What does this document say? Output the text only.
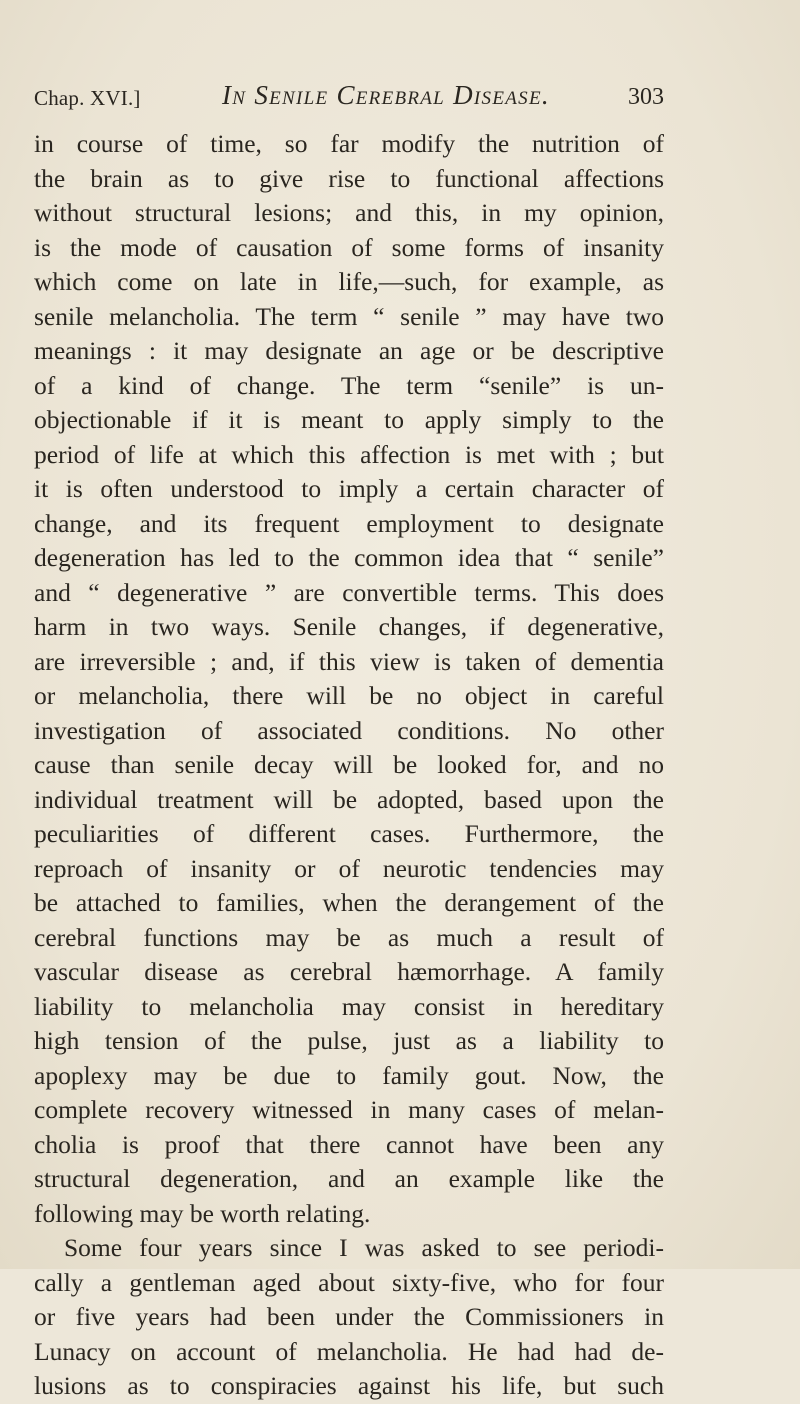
Chap. XVI.]	In Senile Cerebral Disease.	303
in course of time, so far modify the nutrition of
the brain as to give rise to functional affections
without structural lesions; and this, in my opinion,
is the mode of causation of some forms of insanity
which come on late in life,—such, for example, as
senile melancholia. The term “ senile ” may have two
meanings : it may designate an age or be descriptive
of a kind of change. The term “senile” is un-
objectionable if it is meant to apply simply to the
period of life at which this affection is met with ; but
it is often understood to imply a certain character of
change, and its frequent employment to designate
degeneration has led to the common idea that “ senile”
and “ degenerative ” are convertible terms. This does
harm in two ways. Senile changes, if degenerative,
are irreversible ; and, if this view is taken of dementia
or melancholia, there will be no object in careful
investigation of associated conditions. No other
cause than senile decay will be looked for, and no
individual treatment will be adopted, based upon the
peculiarities of different cases. Furthermore, the
reproach of insanity or of neurotic tendencies may
be attached to families, when the derangement of the
cerebral functions may be as much a result of
vascular disease as cerebral hæmorrhage. A family
liability to melancholia may consist in hereditary
high tension of the pulse, just as a liability to
apoplexy may be due to family gout. Now, the
complete recovery witnessed in many cases of melan-
cholia is proof that there cannot have been any
structural degeneration, and an example like the
following may be worth relating.
Some four years since I was asked to see periodi-
cally a gentleman aged about sixty-five, who for four
or five years had been under the Commissioners in
Lunacy on account of melancholia. He had had de-
lusions as to conspiracies against his life, but such
